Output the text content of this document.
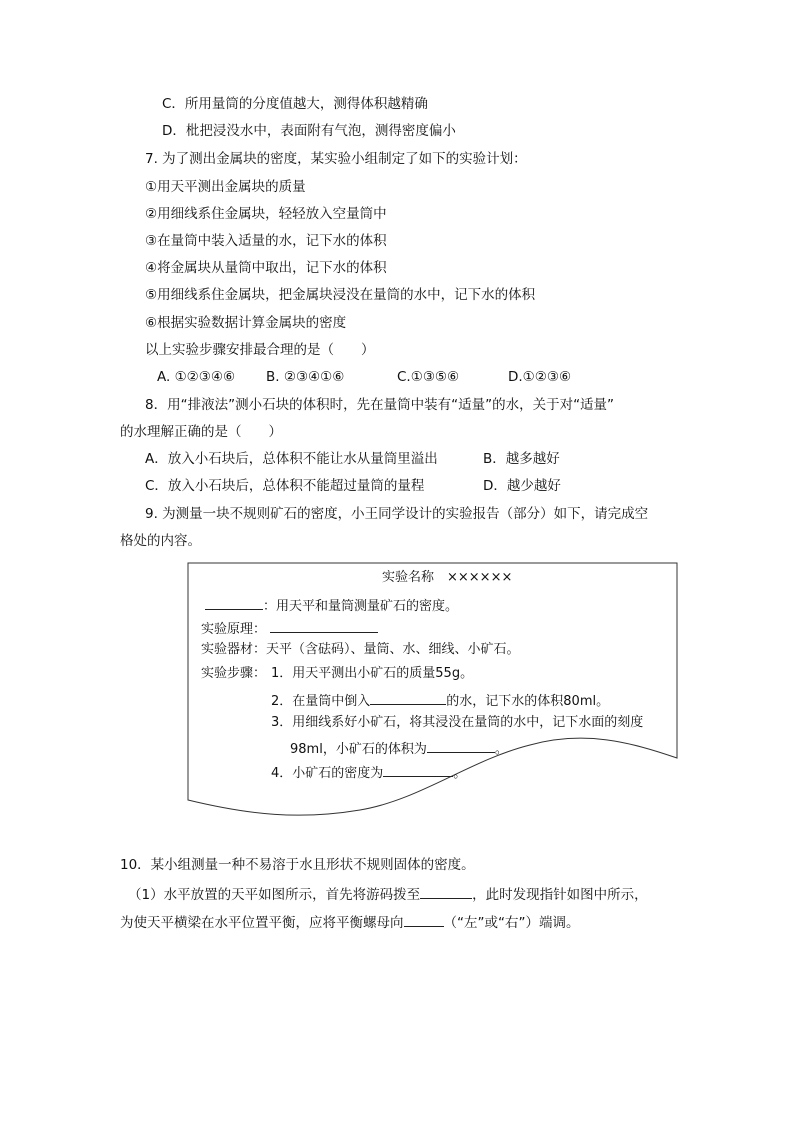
C．所用量筒的分度值越大，测得体积越精确
D．枇把浸没水中，表面附有气泡，测得密度偏小
7. 为了测出金属块的密度，某实验小组制定了如下的实验计划：
①用天平测出金属块的质量
②用细线系住金属块，轻轻放入空量筒中
③在量筒中装入适量的水，记下水的体积
④将金属块从量筒中取出，记下水的体积
⑤用细线系住金属块，把金属块浸没在量筒的水中，记下水的体积
⑥根据实验数据计算金属块的密度
以上实验步骤安排最合理的是（　　）
A. ①②③④⑥ B. ②③④①⑥	C.①③⑤⑥	D.①②③⑥
8．用“排液法”测小石块的体积时，先在量筒中装有“适量”的水，关于对“适量”
的水理解正确的是（　　）
A．放入小石块后，总体积不能让水从量筒里溢出	B．越多越好
C．放入小石块后，总体积不能超过量筒的量程	D．越少越好
9. 为测量一块不规则矿石的密度，小王同学设计的实验报告（部分）如下，请完成空
格处的内容。
实验名称　××××××
：用天平和量筒测量矿石的密度。
实验原理：
实验器材：天平（含砝码）、量筒、水、细线、小矿石。
实验步骤： 1．用天平测出小矿石的质量55g。
2．在量筒中倒入	的水，记下水的体积80ml。
3．用细线系好小矿石，将其浸没在量筒的水中，记下水面的刻度
98ml，小矿石的体积为	。
4．小矿石的密度为	。
10．某小组测量一种不易溶于水且形状不规则固体的密度。
（1）水平放置的天平如图所示，首先将游码拨至	，此时发现指针如图中所示，
为使天平横梁在水平位置平衡，应将平衡螺母向	（“左”或“右”）端调。
